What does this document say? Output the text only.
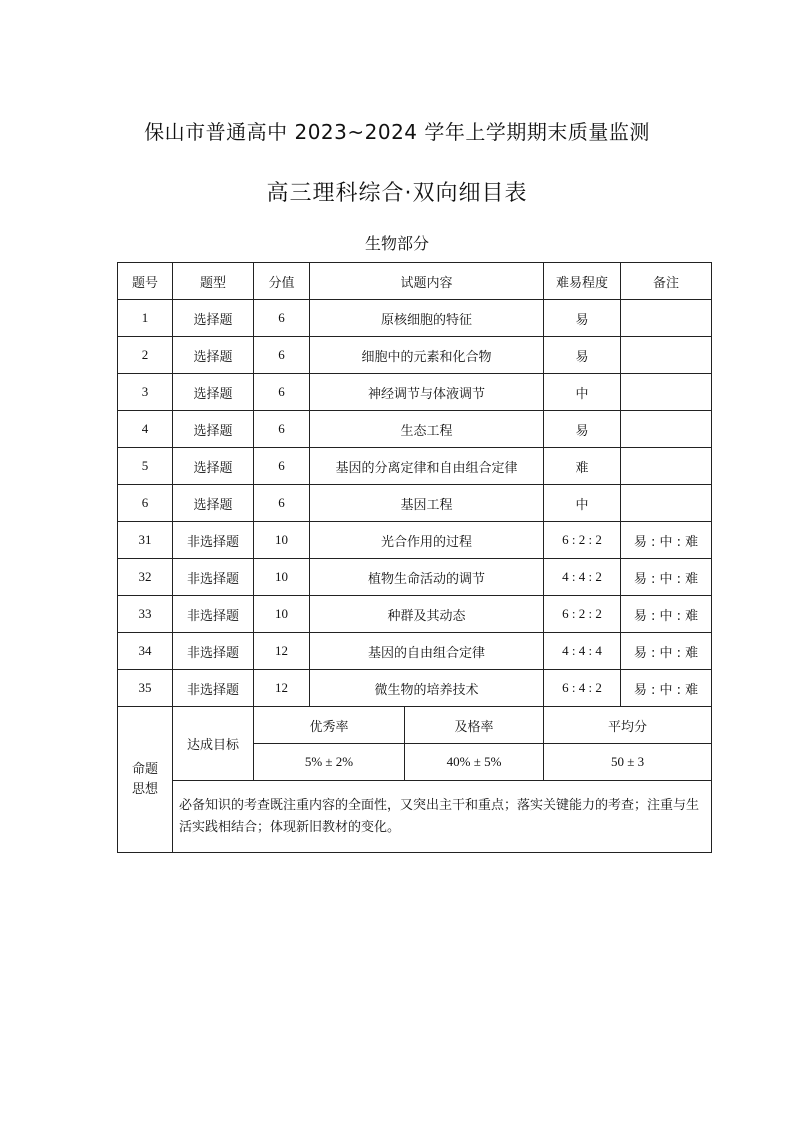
保山市普通高中 2023~2024 学年上学期期末质量监测
高三理科综合·双向细目表
生物部分
题号	题型	分值	试题内容		难易程度	备注
1	选择题	6	原核细胞的特征		易	
2	选择题	6	细胞中的元素和化合物		易	
3	选择题	6	神经调节与体液调节		中	
4	选择题	6	生态工程		易	
5	选择题	6	基因的分离定律和自由组合定律		难	
6	选择题	6	基因工程		中	
31	非选择题	10	光合作用的过程		6 : 2 : 2	易 : 中 : 难
32	非选择题	10	植物生命活动的调节		4 : 4 : 2	易 : 中 : 难
33	非选择题	10	种群及其动态		6 : 2 : 2	易 : 中 : 难
34	非选择题	12	基因的自由组合定律		4 : 4 : 4	易 : 中 : 难
35	非选择题	12	微生物的培养技术		6 : 4 : 2	易 : 中 : 难
命题
思想	达成目标	优秀率		及格率	平均分	
		5% ± 2%		40% ± 5%	50 ± 3	
	必备知识的考查既注重内容的全面性，又突出主干和重点；落实关键能力的考查；注重与生活实践相结合；体现新旧教材的变化。					
